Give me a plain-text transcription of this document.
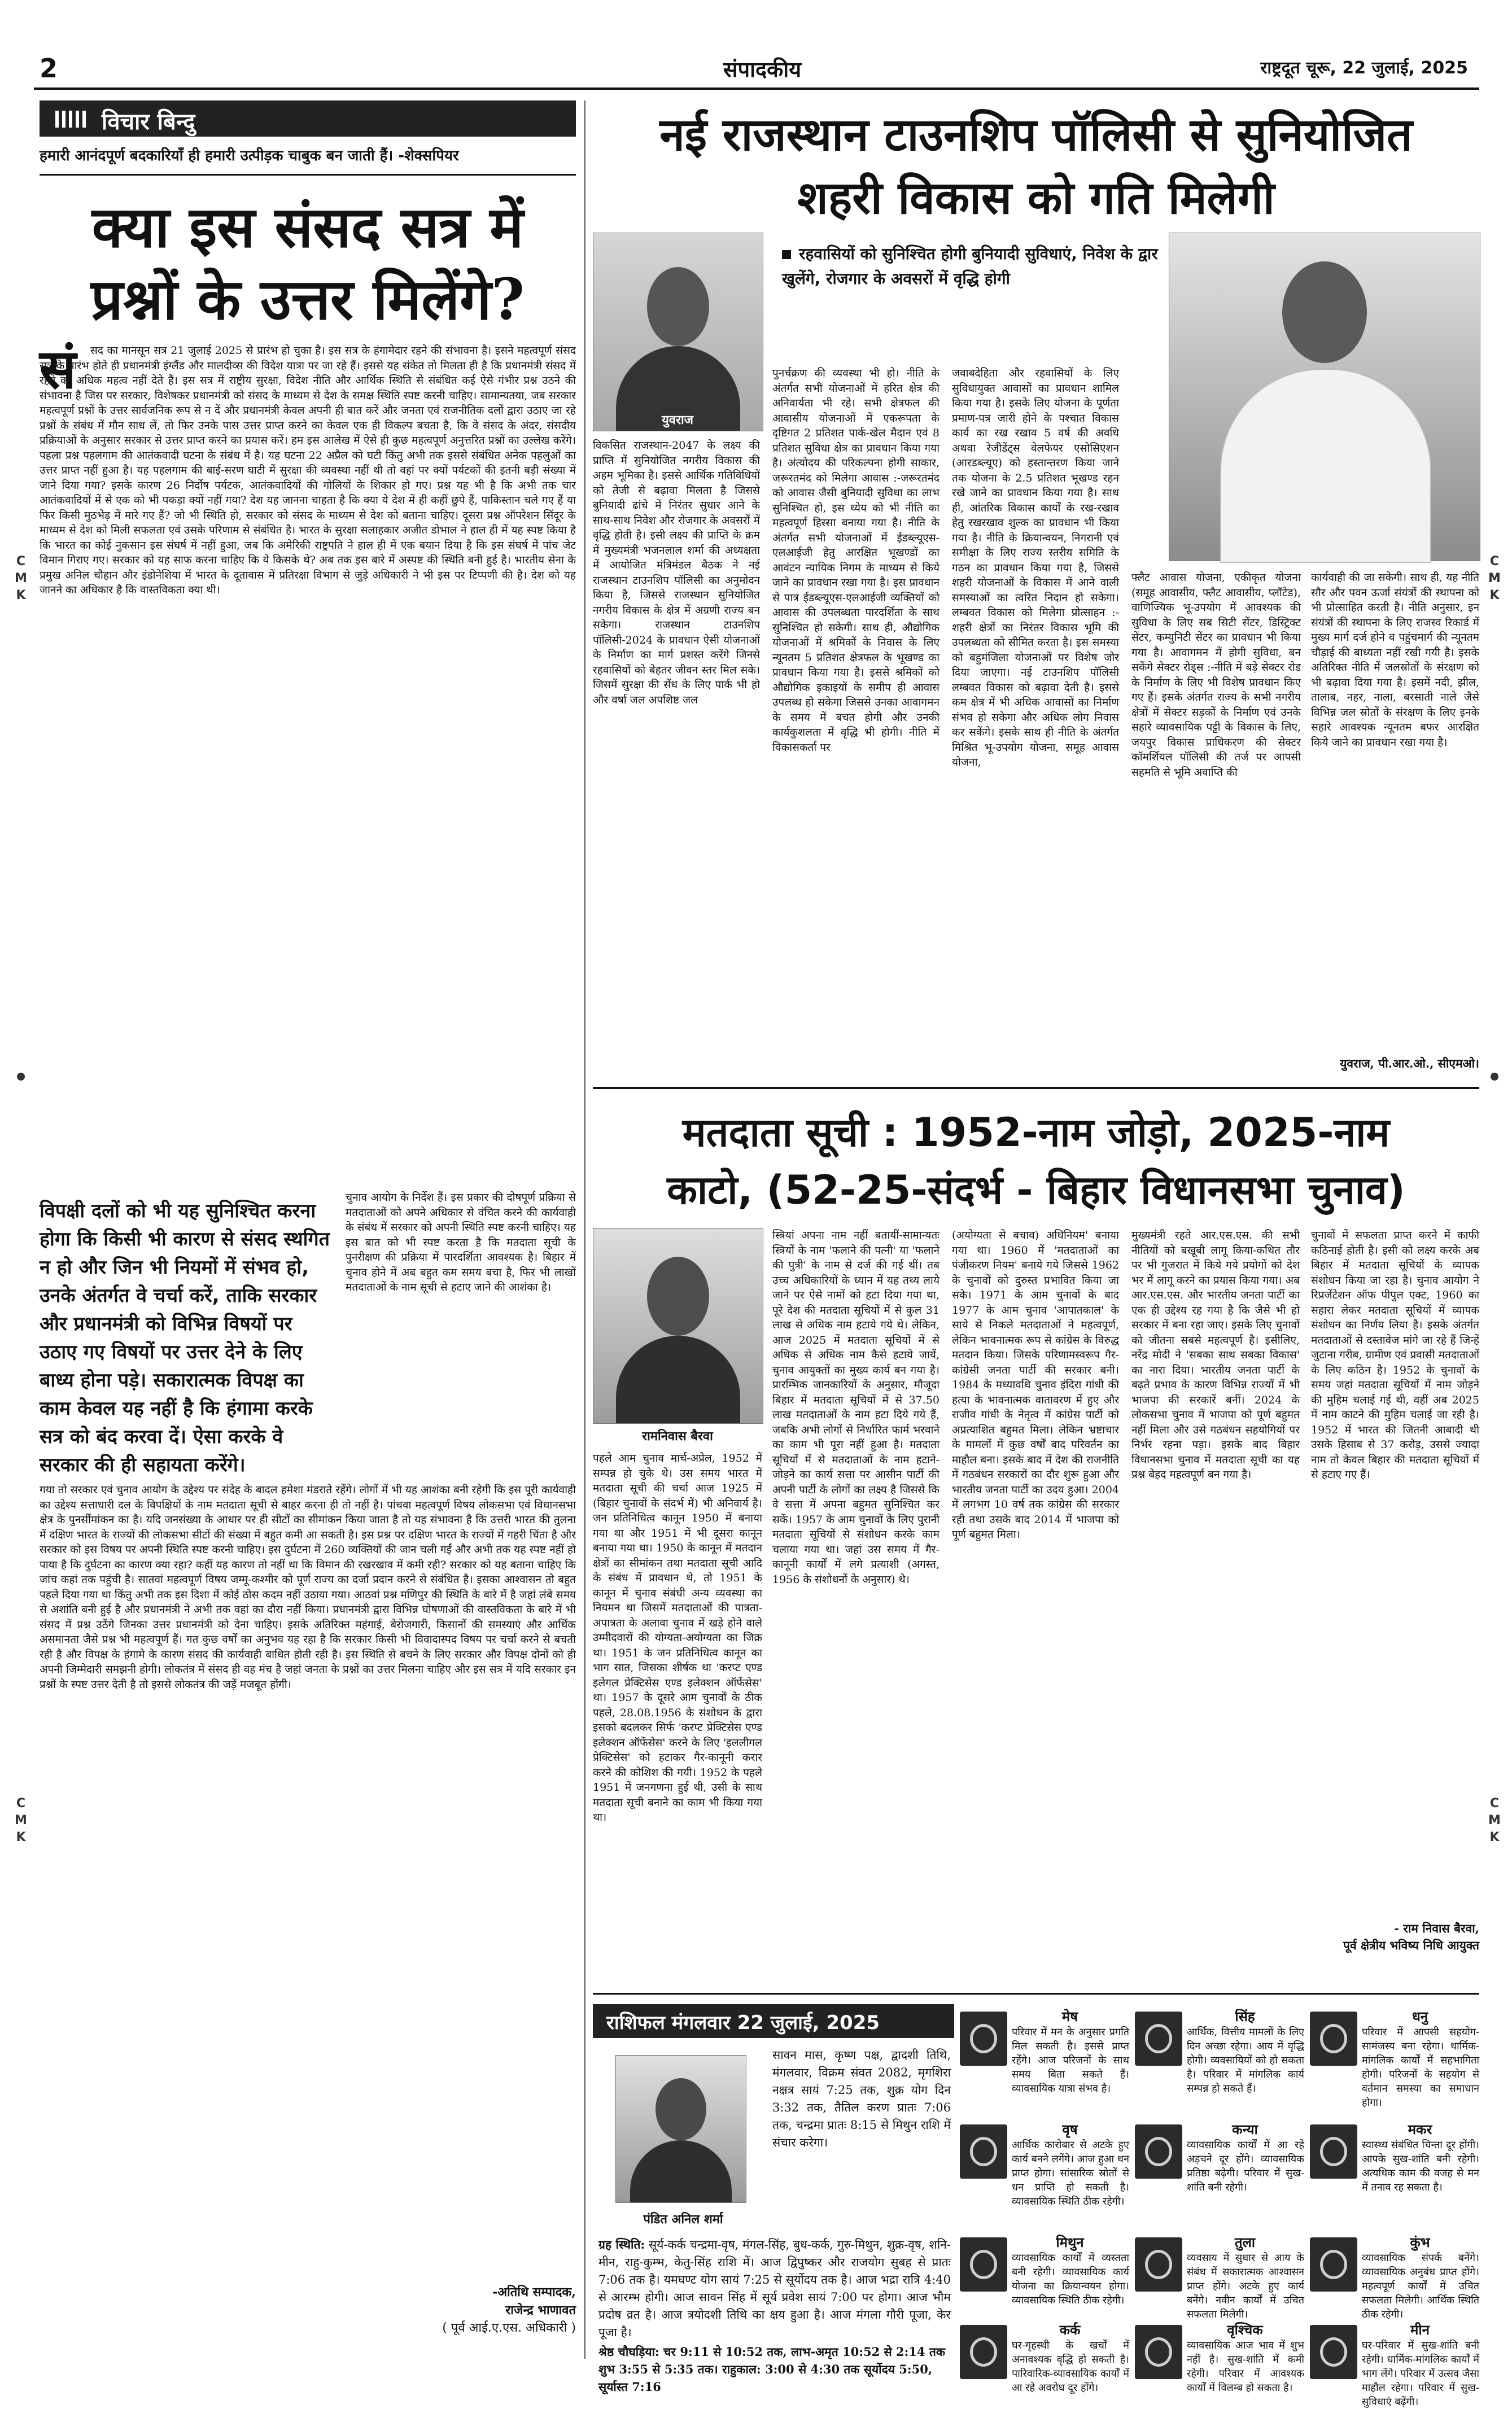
2	संपादकीय	राष्ट्रदूत चूरू, 22 जुलाई, 2025
C
M
K
C
M
K
C
M
K
C
M
K
विचार बिन्दु
हमारी आनंदपूर्ण बदकारियाँ ही हमारी उत्पीड़क चाबुक बन जाती हैं। -शेक्सपियर
क्या इस संसद सत्र में
प्रश्नों के उत्तर मिलेंगे?
सं	सद का मानसून सत्र 21 जुलाई 2025 से प्रारंभ हो चुका है। इस सत्र के हंगामेदार रहने की संभावना है। इसने महत्वपूर्ण संसद सत्र के प्रारंभ होते ही प्रधानमंत्री इंग्लैंड और मालदीव्स की विदेश यात्रा पर जा रहे हैं। इससे यह संकेत तो मिलता ही है कि प्रधानमंत्री संसद में रहने को अधिक महत्व नहीं देते हैं। इस सत्र में राष्ट्रीय सुरक्षा, विदेश नीति और आर्थिक स्थिति से संबंधित कई ऐसे गंभीर प्रश्न उठने की संभावना है जिस पर सरकार, विशेषकर प्रधानमंत्री को संसद के माध्यम से देश के समक्ष स्थिति स्पष्ट करनी चाहिए। सामान्यतया, जब सरकार महत्वपूर्ण प्रश्नों के उत्तर सार्वजनिक रूप से न दें और प्रधानमंत्री केवल अपनी ही बात करें और जनता एवं राजनीतिक दलों द्वारा उठाए जा रहे प्रश्नों के संबंध में मौन साध लें, तो फिर उनके पास उत्तर प्राप्त करने का केवल एक ही विकल्प बचता है, कि वे संसद के अंदर, संसदीय प्रक्रियाओं के अनुसार सरकार से उत्तर प्राप्त करने का प्रयास करें। हम इस आलेख में ऐसे ही कुछ महत्वपूर्ण अनुत्तरित प्रश्नों का उल्लेख करेंगे। पहला प्रश्न पहलगाम की आतंकवादी घटना के संबंध में है। यह घटना 22 अप्रैल को घटी किंतु अभी तक इससे संबंधित अनेक पहलुओं का उत्तर प्राप्त नहीं हुआ है। यह पहलगाम की बाई-सरण घाटी में सुरक्षा की व्यवस्था नहीं थी तो वहां पर क्यों पर्यटकों की इतनी बड़ी संख्या में जाने दिया गया? इसके कारण 26 निर्दोष पर्यटक, आतंकवादियों की गोलियों के शिकार हो गए। प्रश्न यह भी है कि अभी तक चार आतंकवादियों में से एक को भी पकड़ा क्यों नहीं गया? देश यह जानना चाहता है कि क्या ये देश में ही कहीं छुपे हैं, पाकिस्तान चले गए हैं या फिर किसी मुठभेड़ में मारे गए हैं? जो भी स्थिति हो, सरकार को संसद के माध्यम से देश को बताना चाहिए। दूसरा प्रश्न ऑपरेशन सिंदूर के माध्यम से देश को मिली सफलता एवं उसके परिणाम से संबंधित है। भारत के सुरक्षा सलाहकार अजीत डोभाल ने हाल ही में यह स्पष्ट किया है कि भारत का कोई नुकसान इस संघर्ष में नहीं हुआ, जब कि अमेरिकी राष्ट्रपति ने हाल ही में एक बयान दिया है कि इस संघर्ष में पांच जेट विमान गिराए गए। सरकार को यह साफ करना चाहिए कि ये किसके थे? अब तक इस बारे में अस्पष्ट की स्थिति बनी हुई है। भारतीय सेना के प्रमुख अनिल चौहान और इंडोनेशिया में भारत के दूतावास में प्रतिरक्षा विभाग से जुड़े अधिकारी ने भी इस पर टिप्पणी की है। देश को यह जानने का अधिकार है कि वास्तविकता क्या थी।
विपक्षी दलों को भी यह सुनिश्चित करना होगा कि किसी भी कारण से संसद स्थगित न हो और जिन भी नियमों में संभव हो, उनके अंतर्गत वे चर्चा करें, ताकि सरकार और प्रधानमंत्री को विभिन्न विषयों पर उठाए गए विषयों पर उत्तर देने के लिए बाध्य होना पड़े। सकारात्मक विपक्ष का काम केवल यह नहीं है कि हंगामा करके सत्र को बंद करवा दें। ऐसा करके वे सरकार की ही सहायता करेंगे।
चुनाव आयोग के निर्देश हैं। इस प्रकार की दोषपूर्ण प्रक्रिया से मतदाताओं को अपने अधिकार से वंचित करने की कार्यवाही के संबंध में सरकार को अपनी स्थिति स्पष्ट करनी चाहिए। यह इस बात को भी स्पष्ट करता है कि मतदाता सूची के पुनरीक्षण की प्रक्रिया में पारदर्शिता आवश्यक है। बिहार में चुनाव होने में अब बहुत कम समय बचा है, फिर भी लाखों मतदाताओं के नाम सूची से हटाए जाने की आशंका है।
गया तो सरकार एवं चुनाव आयोग के उद्देश्य पर संदेह के बादल हमेशा मंडराते रहेंगे। लोगों में भी यह आशंका बनी रहेगी कि इस पूरी कार्यवाही का उद्देश्य सत्ताधारी दल के विपक्षियों के नाम मतदाता सूची से बाहर करना ही तो नहीं है। पांचवा महत्वपूर्ण विषय लोकसभा एवं विधानसभा क्षेत्र के पुनर्सीमांकन का है। यदि जनसंख्या के आधार पर ही सीटों का सीमांकन किया जाता है तो यह संभावना है कि उत्तरी भारत की तुलना में दक्षिण भारत के राज्यों की लोकसभा सीटों की संख्या में बहुत कमी आ सकती है। इस प्रश्न पर दक्षिण भारत के राज्यों में गहरी चिंता है और सरकार को इस विषय पर अपनी स्थिति स्पष्ट करनी चाहिए। इस दुर्घटना में 260 व्यक्तियों की जान चली गईं और अभी तक यह स्पष्ट नहीं हो पाया है कि दुर्घटना का कारण क्या रहा? कहीं यह कारण तो नहीं था कि विमान की रखरखाव में कमी रही? सरकार को यह बताना चाहिए कि जांच कहां तक पहुंची है। सातवां महत्वपूर्ण विषय जम्मू-कश्मीर को पूर्ण राज्य का दर्जा प्रदान करने से संबंधित है। इसका आश्वासन तो बहुत पहले दिया गया था किंतु अभी तक इस दिशा में कोई ठोस कदम नहीं उठाया गया। आठवां प्रश्न मणिपुर की स्थिति के बारे में है जहां लंबे समय से अशांति बनी हुई है और प्रधानमंत्री ने अभी तक वहां का दौरा नहीं किया। प्रधानमंत्री द्वारा विभिन्न घोषणाओं की वास्तविकता के बारे में भी संसद में प्रश्न उठेंगे जिनका उत्तर प्रधानमंत्री को देना चाहिए। इसके अतिरिक्त महंगाई, बेरोजगारी, किसानों की समस्याएं और आर्थिक असमानता जैसे प्रश्न भी महत्वपूर्ण हैं। गत कुछ वर्षों का अनुभव यह रहा है कि सरकार किसी भी विवादास्पद विषय पर चर्चा करने से बचती रही है और विपक्ष के हंगामे के कारण संसद की कार्यवाही बाधित होती रही है। इस स्थिति से बचने के लिए सरकार और विपक्ष दोनों को ही अपनी जिम्मेदारी समझनी होगी। लोकतंत्र में संसद ही वह मंच है जहां जनता के प्रश्नों का उत्तर मिलना चाहिए और इस सत्र में यदि सरकार इन प्रश्नों के स्पष्ट उत्तर देती है तो इससे लोकतंत्र की जड़ें मजबूत होंगी।
-अतिथि सम्पादक,
राजेन्द्र भाणावत
( पूर्व आई.ए.एस. अधिकारी )
नई राजस्थान टाउनशिप पॉलिसी से सुनियोजित
शहरी विकास को गति मिलेगी
युवराज
रहवासियों को सुनिश्चित होगी बुनियादी सुविधाएं, निवेश के द्वार खुलेंगे, रोजगार के अवसरों में वृद्धि होगी
विकसित राजस्थान-2047 के लक्ष्य की प्राप्ति में सुनियोजित नगरीय विकास की अहम भूमिका है। इससे आर्थिक गतिविधियों को तेजी से बढ़ावा मिलता है जिससे बुनियादी ढांचे में निरंतर सुधार आने के साथ-साथ निवेश और रोजगार के अवसरों में वृद्धि होती है। इसी लक्ष्य की प्राप्ति के क्रम में मुख्यमंत्री भजनलाल शर्मा की अध्यक्षता में आयोजित मंत्रिमंडल बैठक ने नई राजस्थान टाउनशिप पॉलिसी का अनुमोदन किया है, जिससे राजस्थान सुनियोजित नगरीय विकास के क्षेत्र में अग्रणी राज्य बन सकेगा। राजस्थान टाउनशिप पॉलिसी-2024 के प्रावधान ऐसी योजनाओं के निर्माण का मार्ग प्रशस्त करेंगे जिनसे रहवासियों को बेहतर जीवन स्तर मिल सके। जिसमें सुरक्षा की सेंध के लिए पार्क भी हो और वर्षा जल अपशिष्ट जल
पुनर्चक्रण की व्यवस्था भी हो। नीति के अंतर्गत सभी योजनाओं में हरित क्षेत्र की अनिवार्यता भी रहे। सभी क्षेत्रफल की आवासीय योजनाओं में एकरूपता के दृष्टिगत 2 प्रतिशत पार्क-खेल मैदान एवं 8 प्रतिशत सुविधा क्षेत्र का प्रावधान किया गया है। अंत्योदय की परिकल्पना होगी साकार, जरूरतमंद को मिलेगा आवास :-जरूरतमंद को आवास जैसी बुनियादी सुविधा का लाभ सुनिश्चित हो, इस ध्येय को भी नीति का महत्वपूर्ण हिस्सा बनाया गया है। नीति के अंतर्गत सभी योजनाओं में ईडब्ल्यूएस-एलआईजी हेतु आरक्षित भूखण्डों का आवंटन न्यायिक निगम के माध्यम से किये जाने का प्रावधान रखा गया है। इस प्रावधान से पात्र ईडब्ल्यूएस-एलआईजी व्यक्तियों को आवास की उपलब्धता पारदर्शिता के साथ सुनिश्चित हो सकेगी। साथ ही, औद्योगिक योजनाओं में श्रमिकों के निवास के लिए न्यूनतम 5 प्रतिशत क्षेत्रफल के भूखण्ड का प्रावधान किया गया है। इससे श्रमिकों को औद्योगिक इकाइयों के समीप ही आवास उपलब्ध हो सकेगा जिससे उनका आवागमन के समय में बचत होगी और उनकी कार्यकुशलता में वृद्धि भी होगी। नीति में विकासकर्ता पर
जवाबदेहिता और रहवासियों के लिए सुविधायुक्त आवासों का प्रावधान शामिल किया गया है। इसके लिए योजना के पूर्णता प्रमाण-पत्र जारी होने के पश्चात विकास कार्य का रख रखाव 5 वर्ष की अवधि अथवा रेजीडेंट्स वेलफेयर एसोसिएशन (आरडब्ल्यूए) को हस्तान्तरण किया जाने तक योजना के 2.5 प्रतिशत भूखण्ड रहन रखे जाने का प्रावधान किया गया है। साथ ही, आंतरिक विकास कार्यों के रख-रखाव हेतु रखरखाव शुल्क का प्रावधान भी किया गया है। नीति के क्रियान्वयन, निगरानी एवं समीक्षा के लिए राज्य स्तरीय समिति के गठन का प्रावधान किया गया है, जिससे शहरी योजनाओं के विकास में आने वाली समस्याओं का त्वरित निदान हो सकेगा। लम्बवत विकास को मिलेगा प्रोत्साहन :-शहरी क्षेत्रों का निरंतर विकास भूमि की उपलब्धता को सीमित करता है। इस समस्या को बहुमंजिला योजनाओं पर विशेष जोर दिया जाएगा। नई टाउनशिप पॉलिसी लम्बवत विकास को बढ़ावा देती है। इससे कम क्षेत्र में भी अधिक आवासों का निर्माण संभव हो सकेगा और अधिक लोग निवास कर सकेंगे। इसके साथ ही नीति के अंतर्गत मिश्रित भू-उपयोग योजना, समूह आवास योजना,
फ्लैट आवास योजना, एकीकृत योजना (समूह आवासीय, फ्लैट आवासीय, प्लॉटेड), वाणिज्यिक भू-उपयोग में आवश्यक की सुविधा के लिए सब सिटी सेंटर, डिस्ट्रिक्ट सेंटर, कम्युनिटी सेंटर का प्रावधान भी किया गया है। आवागमन में होगी सुविधा, बन सकेंगे सेक्टर रोड्स :-नीति में बड़े सेक्टर रोड के निर्माण के लिए भी विशेष प्रावधान किए गए हैं। इसके अंतर्गत राज्य के सभी नगरीय क्षेत्रों में सेक्टर सड़कों के निर्माण एवं उनके सहारे व्यावसायिक पट्टी के विकास के लिए, जयपुर विकास प्राधिकरण की सेक्टर कॉमर्शियल पॉलिसी की तर्ज पर आपसी सहमति से भूमि अवाप्ति की
कार्यवाही की जा सकेगी। साथ ही, यह नीति सौर और पवन ऊर्जा संयंत्रों की स्थापना को भी प्रोत्साहित करती है। नीति अनुसार, इन संयंत्रों की स्थापना के लिए राजस्व रिकार्ड में मुख्य मार्ग दर्ज होने व पहुंचमार्ग की न्यूनतम चौड़ाई की बाध्यता नहीं रखी गयी है। इसके अतिरिक्त नीति में जलस्रोतों के संरक्षण को भी बढ़ावा दिया गया है। इसमें नदी, झील, तालाब, नहर, नाला, बरसाती नाले जैसे विभिन्न जल स्रोतों के संरक्षण के लिए इनके सहारे आवश्यक न्यूनतम बफर आरक्षित किये जाने का प्रावधान रखा गया है।
युवराज, पी.आर.ओ., सीएमओ।
मतदाता सूची : 1952-नाम जोड़ो, 2025-नाम
काटो, (52-25-संदर्भ - बिहार विधानसभा चुनाव)
रामनिवास बैरवा
पहले आम चुनाव मार्च-अप्रेल, 1952 में सम्पन्न हो चुके थे। उस समय भारत में मतदाता सूची की चर्चा आज 1925 में (बिहार चुनावों के संदर्भ में) भी अनिवार्य है। जन प्रतिनिधित्व कानून 1950 में बनाया गया था और 1951 में भी दूसरा कानून बनाया गया था। 1950 के कानून में मतदान क्षेत्रों का सीमांकन तथा मतदाता सूची आदि के संबंध में प्रावधान थे, तो 1951 के कानून में चुनाव संबंधी अन्य व्यवस्था का नियमन था जिसमें मतदाताओं की पात्रता-अपात्रता के अलावा चुनाव में खड़े होने वाले उम्मीदवारों की योग्यता-अयोग्यता का जिक्र था। 1951 के जन प्रतिनिधित्व कानून का भाग सात, जिसका शीर्षक था 'करप्ट एण्ड इलेगल प्रेक्टिसेस एण्ड इलेक्शन ऑफेंसेस' था। 1957 के दूसरे आम चुनावों के ठीक पहले, 28.08.1956 के संशोधन के द्वारा इसको बदलकर सिर्फ 'करप्ट प्रेक्टिसेस एण्ड इलेक्शन ऑफेंसेस' करने के लिए 'इललीगल प्रेक्टिसेस' को हटाकर गैर-कानूनी करार करने की कोशिश की गयी। 1952 के पहले 1951 में जनगणना हुई थी, उसी के साथ मतदाता सूची बनाने का काम भी किया गया था।
स्त्रियां अपना नाम नहीं बतायीं-सामान्यतः स्त्रियों के नाम 'फलाने की पत्नी' या 'फलाने की पुत्री' के नाम से दर्ज की गई थीं। तब उच्च अधिकारियों के ध्यान में यह तथ्य लाये जाने पर ऐसे नामों को हटा दिया गया था, पूरे देश की मतदाता सूचियों में से कुल 31 लाख से अधिक नाम हटाये गये थे। लेकिन, आज 2025 में मतदाता सूचियों में से अधिक से अधिक नाम कैसे हटाये जायें, चुनाव आयुक्तों का मुख्य कार्य बन गया है। प्रारम्भिक जानकारियों के अनुसार, मौजूदा बिहार में मतदाता सूचियों में से 37.50 लाख मतदाताओं के नाम हटा दिये गये हैं, जबकि अभी लोगों से निर्धारित फार्म भरवाने का काम भी पूरा नहीं हुआ है। मतदाता सूचियों में से मतदाताओं के नाम हटाने-जोड़ने का कार्य सत्ता पर आसीन पार्टी की अपनी पार्टी के लोगों का लक्ष्य है जिससे कि वे सत्ता में अपना बहुमत सुनिश्चित कर सकें। 1957 के आम चुनावों के लिए पुरानी मतदाता सूचियों से संशोधन करके काम चलाया गया था। जहां उस समय में गैर-कानूनी कार्यों में लगे प्रत्याशी (अगस्त, 1956 के संशोधनों के अनुसार) थे।
(अयोग्यता से बचाव) अधिनियम' बनाया गया था। 1960 में 'मतदाताओं का पंजीकरण नियम' बनाये गये जिससे 1962 के चुनावों को दुरुस्त प्रभावित किया जा सके। 1971 के आम चुनावों के बाद 1977 के आम चुनाव 'आपातकाल' के साये से निकले मतदाताओं ने महत्वपूर्ण, लेकिन भावनात्मक रूप से कांग्रेस के विरुद्ध मतदान किया। जिसके परिणामस्वरूप गैर-कांग्रेसी जनता पार्टी की सरकार बनी। 1984 के मध्यावधि चुनाव इंदिरा गांधी की हत्या के भावनात्मक वातावरण में हुए और राजीव गांधी के नेतृत्व में कांग्रेस पार्टी को अप्रत्याशित बहुमत मिला। लेकिन भ्रष्टाचार के मामलों में कुछ वर्षों बाद परिवर्तन का माहौल बना। इसके बाद में देश की राजनीति में गठबंधन सरकारों का दौर शुरू हुआ और भारतीय जनता पार्टी का उदय हुआ। 2004 में लगभग 10 वर्ष तक कांग्रेस की सरकार रही तथा उसके बाद 2014 में भाजपा को पूर्ण बहुमत मिला।
मुख्यमंत्री रहते आर.एस.एस. की सभी नीतियों को बखूबी लागू किया-कथित तौर पर भी गुजरात में किये गये प्रयोगों को देश भर में लागू करने का प्रयास किया गया। अब आर.एस.एस. और भारतीय जनता पार्टी का एक ही उद्देश्य रह गया है कि जैसे भी हो सरकार में बना रहा जाए। इसके लिए चुनावों को जीतना सबसे महत्वपूर्ण है। इसीलिए, नरेंद्र मोदी ने 'सबका साथ सबका विकास' का नारा दिया। भारतीय जनता पार्टी के बढ़ते प्रभाव के कारण विभिन्न राज्यों में भी भाजपा की सरकारें बनीं। 2024 के लोकसभा चुनाव में भाजपा को पूर्ण बहुमत नहीं मिला और उसे गठबंधन सहयोगियों पर निर्भर रहना पड़ा। इसके बाद बिहार विधानसभा चुनाव में मतदाता सूची का यह प्रश्न बेहद महत्वपूर्ण बन गया है।
चुनावों में सफलता प्राप्त करने में काफी कठिनाई होती है। इसी को लक्ष्य करके अब बिहार में मतदाता सूचियों के व्यापक संशोधन किया जा रहा है। चुनाव आयोग ने रिप्रजेंटेशन ऑफ पीपुल एक्ट, 1960 का सहारा लेकर मतदाता सूचियों में व्यापक संशोधन का निर्णय लिया है। इसके अंतर्गत मतदाताओं से दस्तावेज मांगे जा रहे हैं जिन्हें जुटाना गरीब, ग्रामीण एवं प्रवासी मतदाताओं के लिए कठिन है। 1952 के चुनावों के समय जहां मतदाता सूचियों में नाम जोड़ने की मुहिम चलाई गई थी, वहीं अब 2025 में नाम काटने की मुहिम चलाई जा रही है। 1952 में भारत की जितनी आबादी थी उसके हिसाब से 37 करोड़, उससे ज्यादा नाम तो केवल बिहार की मतदाता सूचियों में से हटाए गए हैं।
- राम निवास बैरवा,
पूर्व क्षेत्रीय भविष्य निधि आयुक्त
राशिफल मंगलवार 22 जुलाई, 2025
पंडित अनिल शर्मा
सावन मास, कृष्ण पक्ष, द्वादशी तिथि, मंगलवार, विक्रम संवत 2082, मृगशिरा नक्षत्र सायं 7:25 तक, शुक्र योग दिन 3:32 तक, तैतिल करण प्रातः 7:06 तक, चन्द्रमा प्रातः 8:15 से मिथुन राशि में संचार करेगा।
ग्रह स्थिति: सूर्य-कर्क चन्द्रमा-वृष, मंगल-सिंह, बुध-कर्क, गुरु-मिथुन, शुक्र-वृष, शनि-मीन, राहु-कुम्भ, केतु-सिंह राशि में। आज द्विपुष्कर और राजयोग सुबह से प्रातः 7:06 तक है। यमघण्ट योग सायं 7:25 से सूर्योदय तक है। आज भद्रा रात्रि 4:40 से आरम्भ होगी। आज सावन सिंह में सूर्य प्रवेश सायं 7:00 पर होगा। आज भौम प्रदोष व्रत है। आज त्रयोदशी तिथि का क्षय हुआ है। आज मंगला गौरी पूजा, केर पूजा है।
श्रेष्ठ चौघड़िया: चर 9:11 से 10:52 तक, लाभ-अमृत 10:52 से 2:14 तक शुभ 3:55 से 5:35 तक। राहुकाल: 3:00 से 4:30 तक सूर्योदय 5:50, सूर्यास्त 7:16
मेष
परिवार में मन के अनुसार प्रगति मिल सकती है। इससे प्राप्त रहेंगे। आज परिजनों के साथ समय बिता सकते हैं। व्यावसायिक यात्रा संभव है।
सिंह
आर्थिक, वित्तीय मामलों के लिए दिन अच्छा रहेगा। आय में वृद्धि होगी। व्यवसायियों को हो सकता है। परिवार में मांगलिक कार्य सम्पन्न हो सकते हैं।
धनु
परिवार में आपसी सहयोग-सामंजस्य बना रहेगा। धार्मिक-मांगलिक कार्यों में सहभागिता होगी। परिजनों के सहयोग से वर्तमान समस्या का समाधान होगा।
वृष
आर्थिक कारोबार से अटके हुए कार्य बनने लगेंगे। आज हुआ धन प्राप्त होगा। सांसारिक स्रोतों से धन प्राप्ति हो सकती है। व्यावसायिक स्थिति ठीक रहेगी।
कन्या
व्यावसायिक कार्यों में आ रहे अड़चने दूर होंगे। व्यावसायिक प्रतिष्ठा बढ़ेगी। परिवार में सुख-शांति बनी रहेगी।
मकर
स्वास्थ्य संबंधित चिन्ता दूर होंगी। आपके सुख-शांति बनी रहेगी। अत्यधिक काम की वजह से मन में तनाव रह सकता है।
मिथुन
व्यावसायिक कार्यों में व्यस्तता बनी रहेगी। व्यावसायिक कार्य योजना का क्रियान्वयन होगा। व्यावसायिक स्थिति ठीक रहेगी।
तुला
व्यवसाय में सुधार से आय के संबंध में सकारात्मक आश्वासन प्राप्त होंगे। अटके हुए कार्य बनेंगे। नवीन कार्यों में उचित सफलता मिलेगी।
कुंभ
व्यावसायिक संपर्क बनेंगे। व्यावसायिक अनुबंध प्राप्त होंगे। महत्वपूर्ण कार्यों में उचित सफलता मिलेगी। आर्थिक स्थिति ठीक रहेगी।
कर्क
घर-गृहस्थी के खर्चों में अनावश्यक वृद्धि हो सकती है। पारिवारिक-व्यावसायिक कार्यों में आ रहे अवरोध दूर होंगे।
वृश्चिक
व्यावसायिक आज भाव में शुभ नहीं है। सुख-शांति में कमी रहेगी। परिवार में आवश्यक कार्यों में विलम्ब हो सकता है।
मीन
घर-परिवार में सुख-शांति बनी रहेगी। धार्मिक-मांगलिक कार्यों में भाग लेंगे। परिवार में उत्सव जैसा माहौल रहेगा। परिवार में सुख-सुविधाएं बढ़ेंगी।
